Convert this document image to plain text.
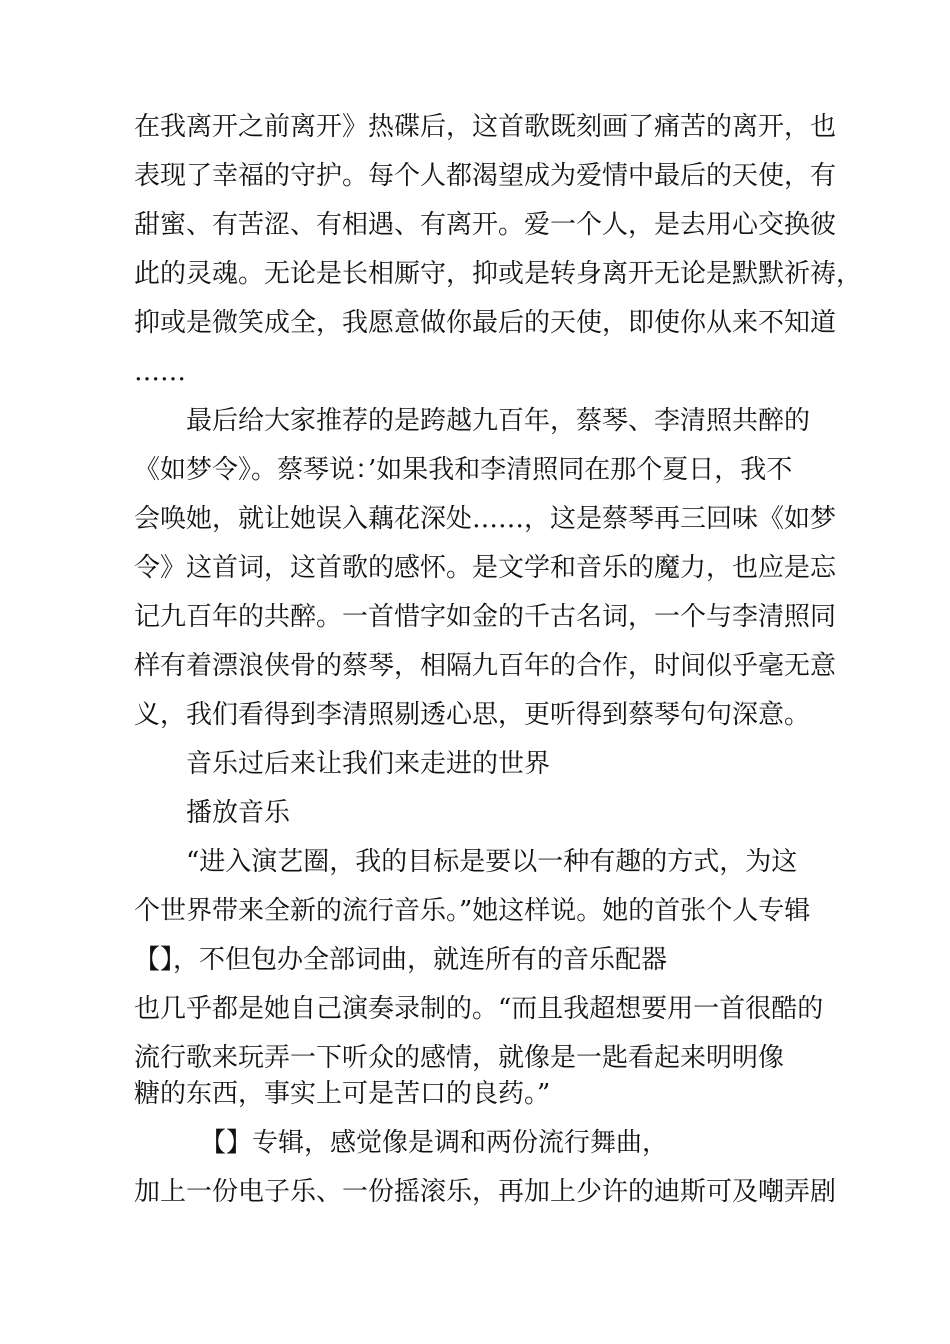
在我离开之前离开》热碟后，这首歌既刻画了痛苦的离开，也
表现了幸福的守护。每个人都渴望成为爱情中最后的天使，有
甜蜜、有苦涩、有相遇、有离开。爱一个人，是去用心交换彼
此的灵魂。无论是长相厮守，抑或是转身离开无论是默默祈祷，
抑或是微笑成全，我愿意做你最后的天使，即使你从来不知道
……
最后给大家推荐的是跨越九百年，蔡琴、李清照共醉的
《如梦令》。蔡琴说：’如果我和李清照同在那个夏日，我不
会唤她，就让她误入藕花深处……，这是蔡琴再三回味《如梦
令》这首词，这首歌的感怀。是文学和音乐的魔力，也应是忘
记九百年的共醉。一首惜字如金的千古名词，一个与李清照同
样有着漂浪侠骨的蔡琴，相隔九百年的合作，时间似乎毫无意
义，我们看得到李清照剔透心思，更听得到蔡琴句句深意。
音乐过后来让我们来走进的世界
播放音乐
“进入演艺圈，我的目标是要以一种有趣的方式，为这
个世界带来全新的流行音乐。”她这样说。她的首张个人专辑
【】，不但包办全部词曲，就连所有的音乐配器
也几乎都是她自己演奏录制的。“而且我超想要用一首很酷的
流行歌来玩弄一下听众的感情，就像是一匙看起来明明像
糖的东西，事实上可是苦口的良药。”
【】专辑，感觉像是调和两份流行舞曲，
加上一份电子乐、一份摇滚乐，再加上少许的迪斯可及嘲弄剧
